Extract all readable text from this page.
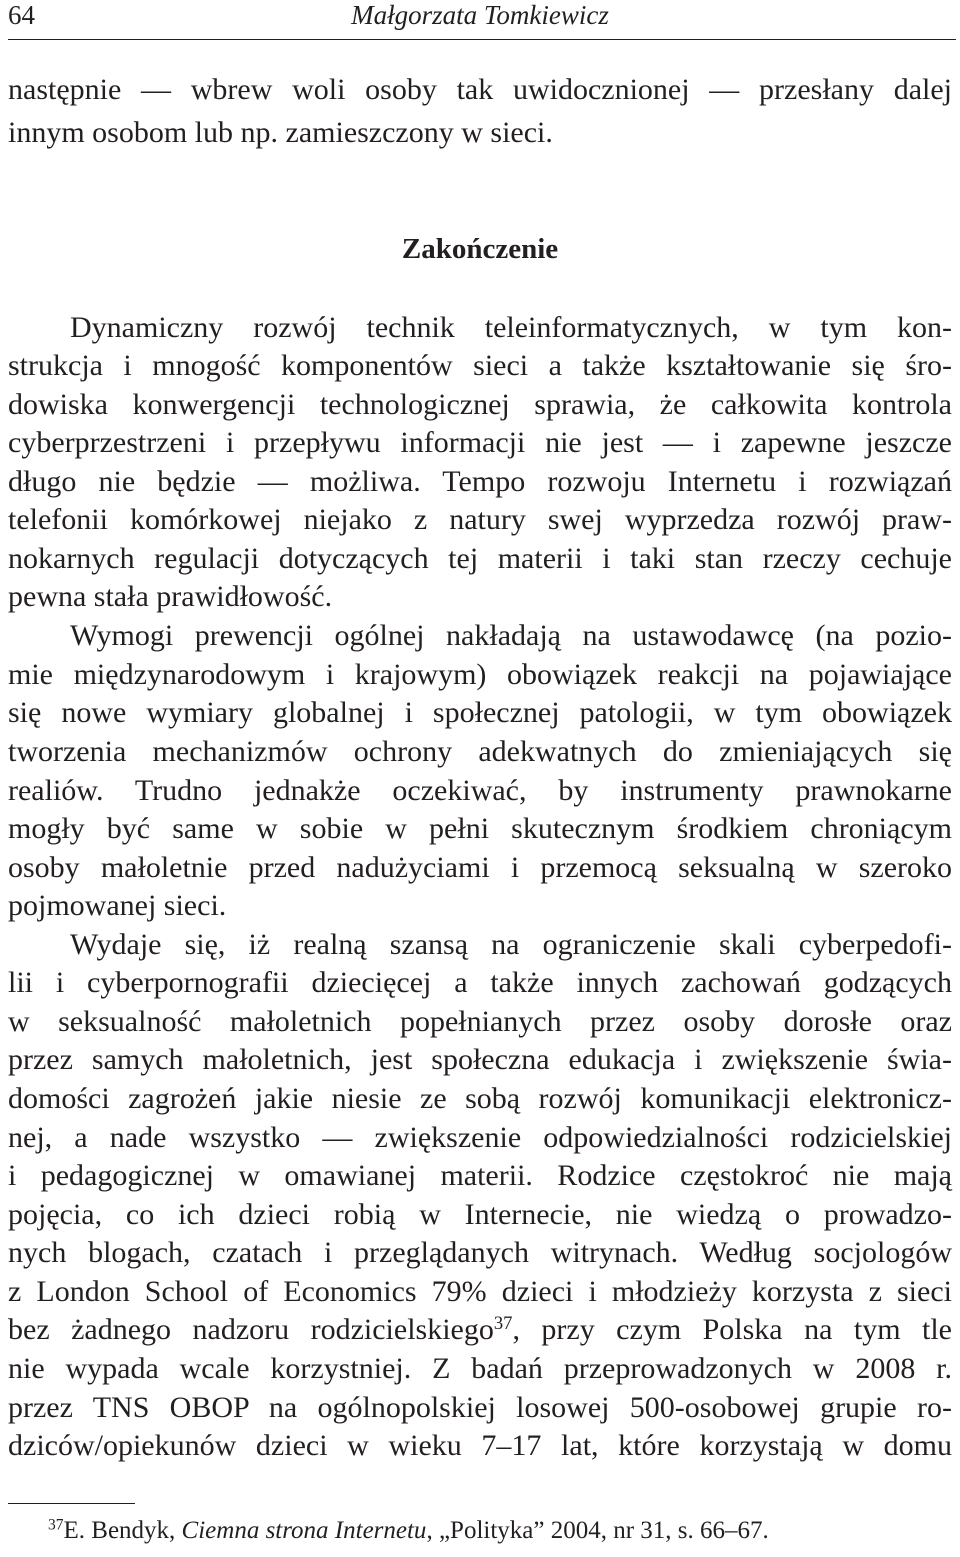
64	Małgorzata Tomkiewicz
następnie — wbrew woli osoby tak uwidocznionej — przesłany dalej
innym osobom lub np. zamieszczony w sieci.
Zakończenie
Dynamiczny rozwój technik teleinformatycznych, w tym kon-
strukcja i mnogość komponentów sieci a także kształtowanie się śro-
dowiska konwergencji technologicznej sprawia, że całkowita kontrola
cyberprzestrzeni i przepływu informacji nie jest — i zapewne jeszcze
długo nie będzie — możliwa. Tempo rozwoju Internetu i rozwiązań
telefonii komórkowej niejako z natury swej wyprzedza rozwój praw-
nokarnych regulacji dotyczących tej materii i taki stan rzeczy cechuje
pewna stała prawidłowość.
Wymogi prewencji ogólnej nakładają na ustawodawcę (na pozio-
mie międzynarodowym i krajowym) obowiązek reakcji na pojawiające
się nowe wymiary globalnej i społecznej patologii, w tym obowiązek
tworzenia mechanizmów ochrony adekwatnych do zmieniających się
realiów. Trudno jednakże oczekiwać, by instrumenty prawnokarne
mogły być same w sobie w pełni skutecznym środkiem chroniącym
osoby małoletnie przed nadużyciami i przemocą seksualną w szeroko
pojmowanej sieci.
Wydaje się, iż realną szansą na ograniczenie skali cyberpedofi-
lii i cyberpornografii dziecięcej a także innych zachowań godzących
w seksualność małoletnich popełnianych przez osoby dorosłe oraz
przez samych małoletnich, jest społeczna edukacja i zwiększenie świa-
domości zagrożeń jakie niesie ze sobą rozwój komunikacji elektronicz-
nej, a nade wszystko — zwiększenie odpowiedzialności rodzicielskiej
i pedagogicznej w omawianej materii. Rodzice częstokroć nie mają
pojęcia, co ich dzieci robią w Internecie, nie wiedzą o prowadzo-
nych blogach, czatach i przeglądanych witrynach. Według socjologów
z London School of Economics 79% dzieci i młodzieży korzysta z sieci
bez żadnego nadzoru rodzicielskiego$^{37}$, przy czym Polska na tym tle
nie wypada wcale korzystniej. Z badań przeprowadzonych w 2008 r.
przez TNS OBOP na ogólnopolskiej losowej 500-osobowej grupie ro-
dziców/opiekunów dzieci w wieku 7–17 lat, które korzystają w domu
$^{37}$E. Bendyk, Ciemna strona Internetu, „Polityka” 2004, nr 31, s. 66–67.
